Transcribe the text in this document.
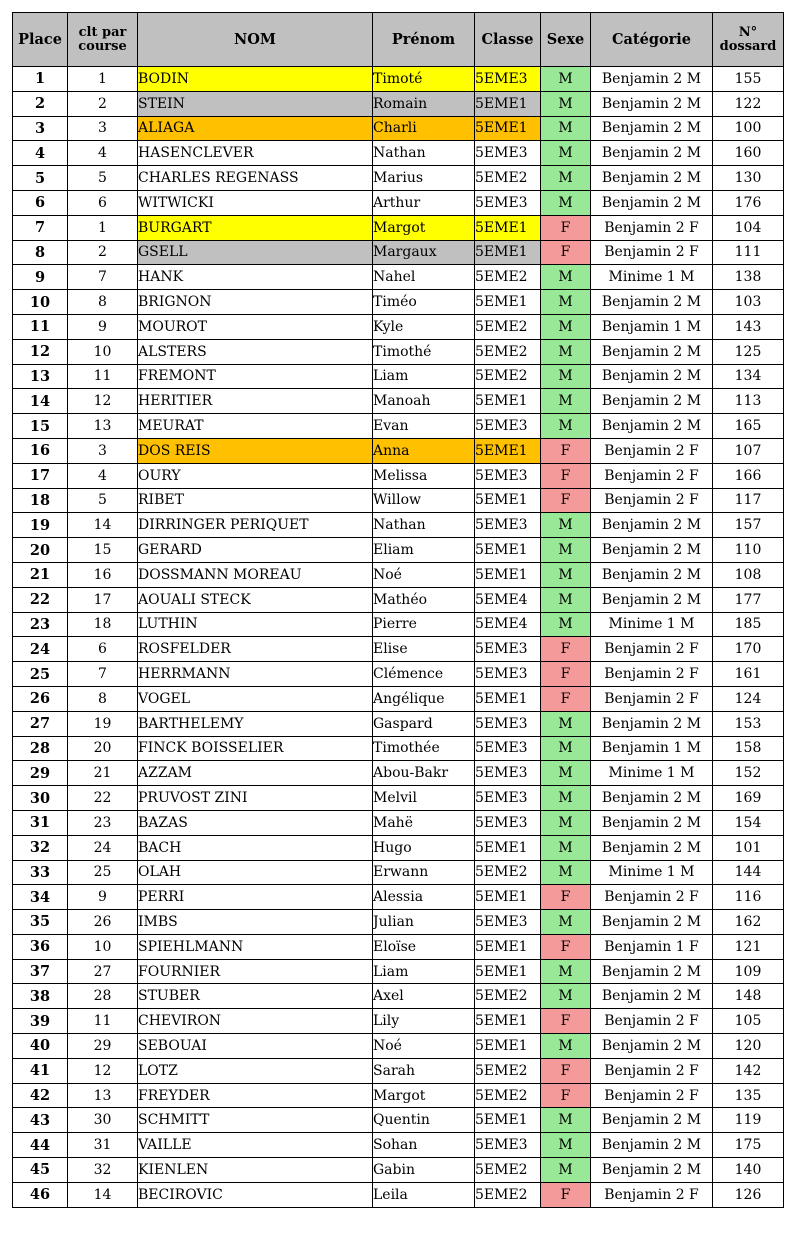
Place	clt par course	NOM	Prénom	Classe	Sexe	Catégorie	N° dossard
1	1	BODIN	Timoté	5EME3	M	Benjamin 2 M	155
2	2	STEIN	Romain	5EME1	M	Benjamin 2 M	122
3	3	ALIAGA	Charli	5EME1	M	Benjamin 2 M	100
4	4	HASENCLEVER	Nathan	5EME3	M	Benjamin 2 M	160
5	5	CHARLES REGENASS	Marius	5EME2	M	Benjamin 2 M	130
6	6	WITWICKI	Arthur	5EME3	M	Benjamin 2 M	176
7	1	BURGART	Margot	5EME1	F	Benjamin 2 F	104
8	2	GSELL	Margaux	5EME1	F	Benjamin 2 F	111
9	7	HANK	Nahel	5EME2	M	Minime 1 M	138
10	8	BRIGNON	Timéo	5EME1	M	Benjamin 2 M	103
11	9	MOUROT	Kyle	5EME2	M	Benjamin 1 M	143
12	10	ALSTERS	Timothé	5EME2	M	Benjamin 2 M	125
13	11	FREMONT	Liam	5EME2	M	Benjamin 2 M	134
14	12	HERITIER	Manoah	5EME1	M	Benjamin 2 M	113
15	13	MEURAT	Evan	5EME3	M	Benjamin 2 M	165
16	3	DOS REIS	Anna	5EME1	F	Benjamin 2 F	107
17	4	OURY	Melissa	5EME3	F	Benjamin 2 F	166
18	5	RIBET	Willow	5EME1	F	Benjamin 2 F	117
19	14	DIRRINGER PERIQUET	Nathan	5EME3	M	Benjamin 2 M	157
20	15	GERARD	Eliam	5EME1	M	Benjamin 2 M	110
21	16	DOSSMANN MOREAU	Noé	5EME1	M	Benjamin 2 M	108
22	17	AOUALI STECK	Mathéo	5EME4	M	Benjamin 2 M	177
23	18	LUTHIN	Pierre	5EME4	M	Minime 1 M	185
24	6	ROSFELDER	Elise	5EME3	F	Benjamin 2 F	170
25	7	HERRMANN	Clémence	5EME3	F	Benjamin 2 F	161
26	8	VOGEL	Angélique	5EME1	F	Benjamin 2 F	124
27	19	BARTHELEMY	Gaspard	5EME3	M	Benjamin 2 M	153
28	20	FINCK BOISSELIER	Timothée	5EME3	M	Benjamin 1 M	158
29	21	AZZAM	Abou-Bakr	5EME3	M	Minime 1 M	152
30	22	PRUVOST ZINI	Melvil	5EME3	M	Benjamin 2 M	169
31	23	BAZAS	Mahë	5EME3	M	Benjamin 2 M	154
32	24	BACH	Hugo	5EME1	M	Benjamin 2 M	101
33	25	OLAH	Erwann	5EME2	M	Minime 1 M	144
34	9	PERRI	Alessia	5EME1	F	Benjamin 2 F	116
35	26	IMBS	Julian	5EME3	M	Benjamin 2 M	162
36	10	SPIEHLMANN	Eloïse	5EME1	F	Benjamin 1 F	121
37	27	FOURNIER	Liam	5EME1	M	Benjamin 2 M	109
38	28	STUBER	Axel	5EME2	M	Benjamin 2 M	148
39	11	CHEVIRON	Lily	5EME1	F	Benjamin 2 F	105
40	29	SEBOUAI	Noé	5EME1	M	Benjamin 2 M	120
41	12	LOTZ	Sarah	5EME2	F	Benjamin 2 F	142
42	13	FREYDER	Margot	5EME2	F	Benjamin 2 F	135
43	30	SCHMITT	Quentin	5EME1	M	Benjamin 2 M	119
44	31	VAILLE	Sohan	5EME3	M	Benjamin 2 M	175
45	32	KIENLEN	Gabin	5EME2	M	Benjamin 2 M	140
46	14	BECIROVIC	Leila	5EME2	F	Benjamin 2 F	126
